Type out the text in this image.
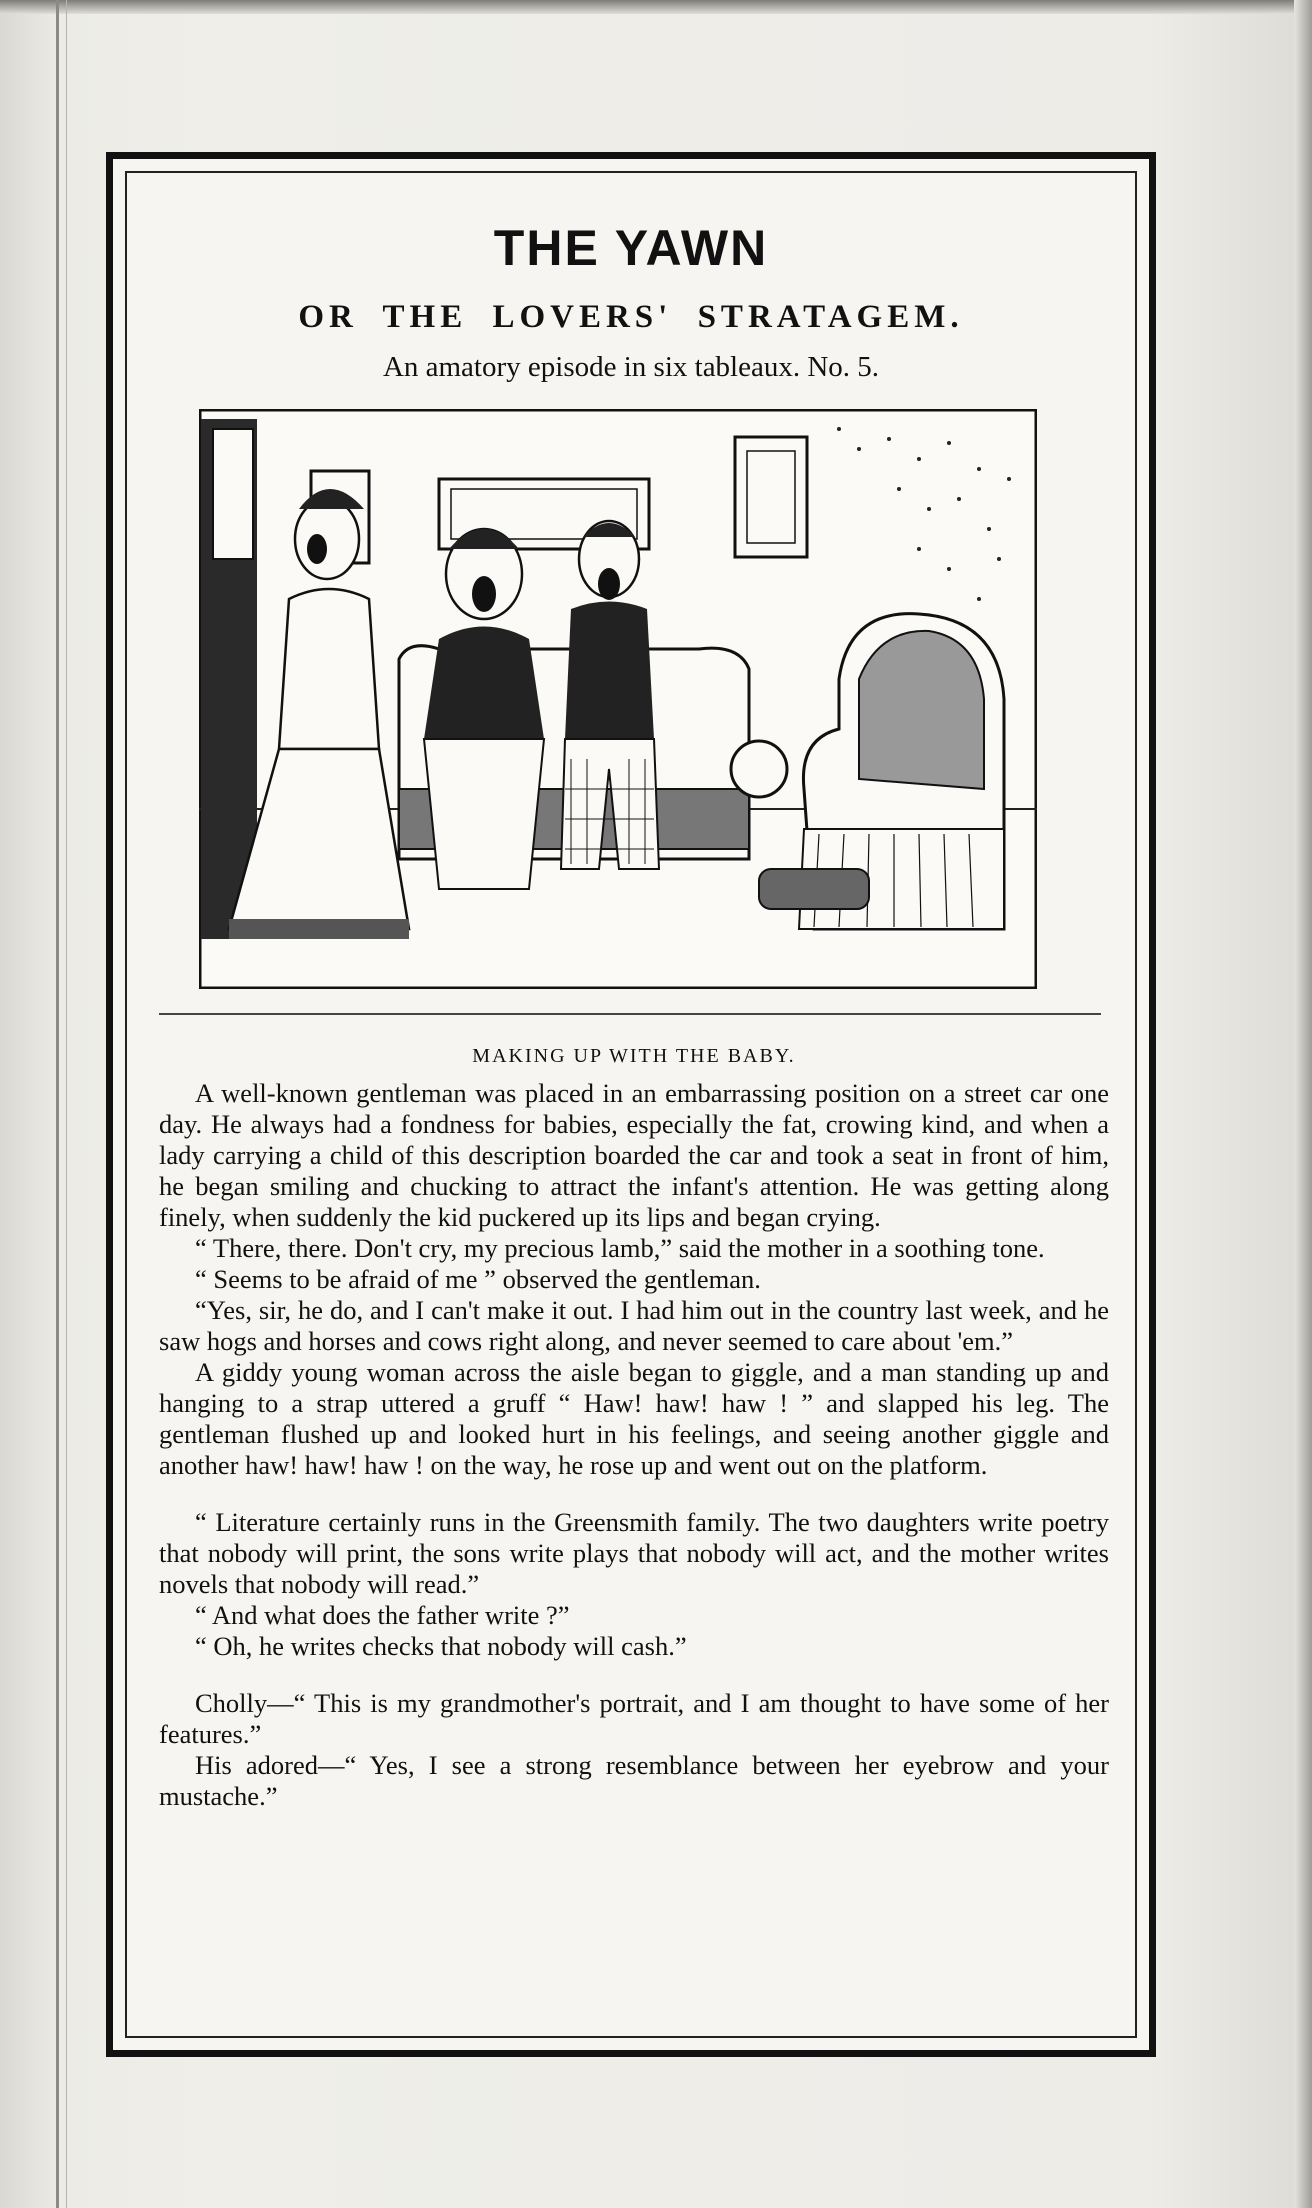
THE YAWN
OR THE LOVERS' STRATAGEM.
An amatory episode in six tableaux. No. 5.
MAKING UP WITH THE BABY.

A well-known gentleman was placed in an embarrassing position on a street car one day. He always had a fondness for babies, especially the fat, crowing kind, and when a lady carrying a child of this description boarded the car and took a seat in front of him, he began smiling and chucking to attract the infant's attention. He was getting along finely, when suddenly the kid puckered up its lips and began crying.

“ There, there. Don't cry, my precious lamb,” said the mother in a soothing tone.

“ Seems to be afraid of me ” observed the gentleman.

“Yes, sir, he do, and I can't make it out. I had him out in the country last week, and he saw hogs and horses and cows right along, and never seemed to care about 'em.”

A giddy young woman across the aisle began to giggle, and a man standing up and hanging to a strap uttered a gruff “ Haw! haw! haw ! ” and slapped his leg. The gentleman flushed up and looked hurt in his feelings, and seeing another giggle and another haw! haw! haw ! on the way, he rose up and went out on the platform.

“ Literature certainly runs in the Greensmith family. The two daughters write poetry that nobody will print, the sons write plays that nobody will act, and the mother writes novels that nobody will read.”

“ And what does the father write ?”

“ Oh, he writes checks that nobody will cash.”

Cholly—“ This is my grandmother's portrait, and I am thought to have some of her features.”

His adored—“ Yes, I see a strong resemblance between her eyebrow and your mustache.”
